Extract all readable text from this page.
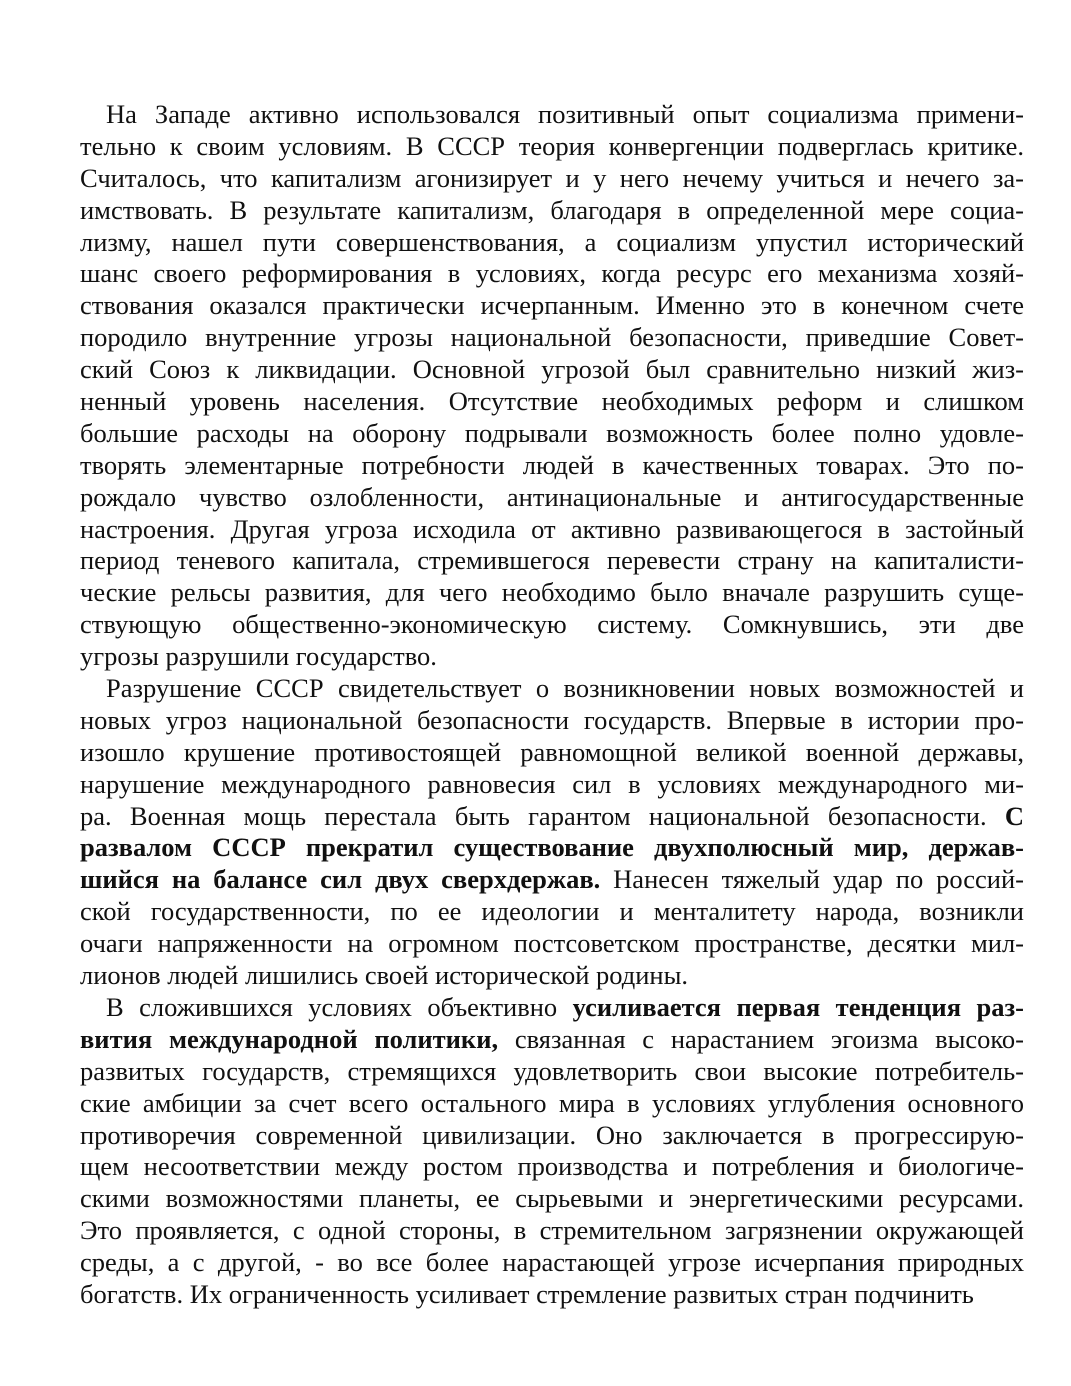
На Западе активно использовался позитивный опыт социализма примени-
тельно к своим условиям. В СССР теория конвергенции подверглась критике.
Считалось, что капитализм агонизирует и у него нечему учиться и нечего за-
имствовать. В результате капитализм, благодаря в определенной мере социа-
лизму, нашел пути совершенствования, а социализм упустил исторический
шанс своего реформирования в условиях, когда ресурс его механизма хозяй-
ствования оказался практически исчерпанным. Именно это в конечном счете
породило внутренние угрозы национальной безопасности, приведшие Совет-
ский Союз к ликвидации. Основной угрозой был сравнительно низкий жиз-
ненный уровень населения. Отсутствие необходимых реформ и слишком
большие расходы на оборону подрывали возможность более полно удовле-
творять элементарные потребности людей в качественных товарах. Это по-
рождало чувство озлобленности, антинациональные и антигосударственные
настроения. Другая угроза исходила от активно развивающегося в застойный
период теневого капитала, стремившегося перевести страну на капиталисти-
ческие рельсы развития, для чего необходимо было вначале разрушить суще-
ствующую общественно-экономическую систему. Сомкнувшись, эти две
угрозы разрушили государство.
Разрушение СССР свидетельствует о возникновении новых возможностей и
новых угроз национальной безопасности государств. Впервые в истории про-
изошло крушение противостоящей равномощной великой военной державы,
нарушение международного равновесия сил в условиях международного ми-
ра. Военная мощь перестала быть гарантом национальной безопасности. С
развалом СССР прекратил существование двухполюсный мир, держав-
шийся на балансе сил двух сверхдержав. Нанесен тяжелый удар по россий-
ской государственности, по ее идеологии и менталитету народа, возникли
очаги напряженности на огромном постсоветском пространстве, десятки мил-
лионов людей лишились своей исторической родины.
В сложившихся условиях объективно усиливается первая тенденция раз-
вития международной политики, связанная с нарастанием эгоизма высоко-
развитых государств, стремящихся удовлетворить свои высокие потребитель-
ские амбиции за счет всего остального мира в условиях углубления основного
противоречия современной цивилизации. Оно заключается в прогрессирую-
щем несоответствии между ростом производства и потребления и биологиче-
скими возможностями планеты, ее сырьевыми и энергетическими ресурсами.
Это проявляется, с одной стороны, в стремительном загрязнении окружающей
среды, а с другой, - во все более нарастающей угрозе исчерпания природных
богатств. Их ограниченность усиливает стремление развитых стран подчинить
